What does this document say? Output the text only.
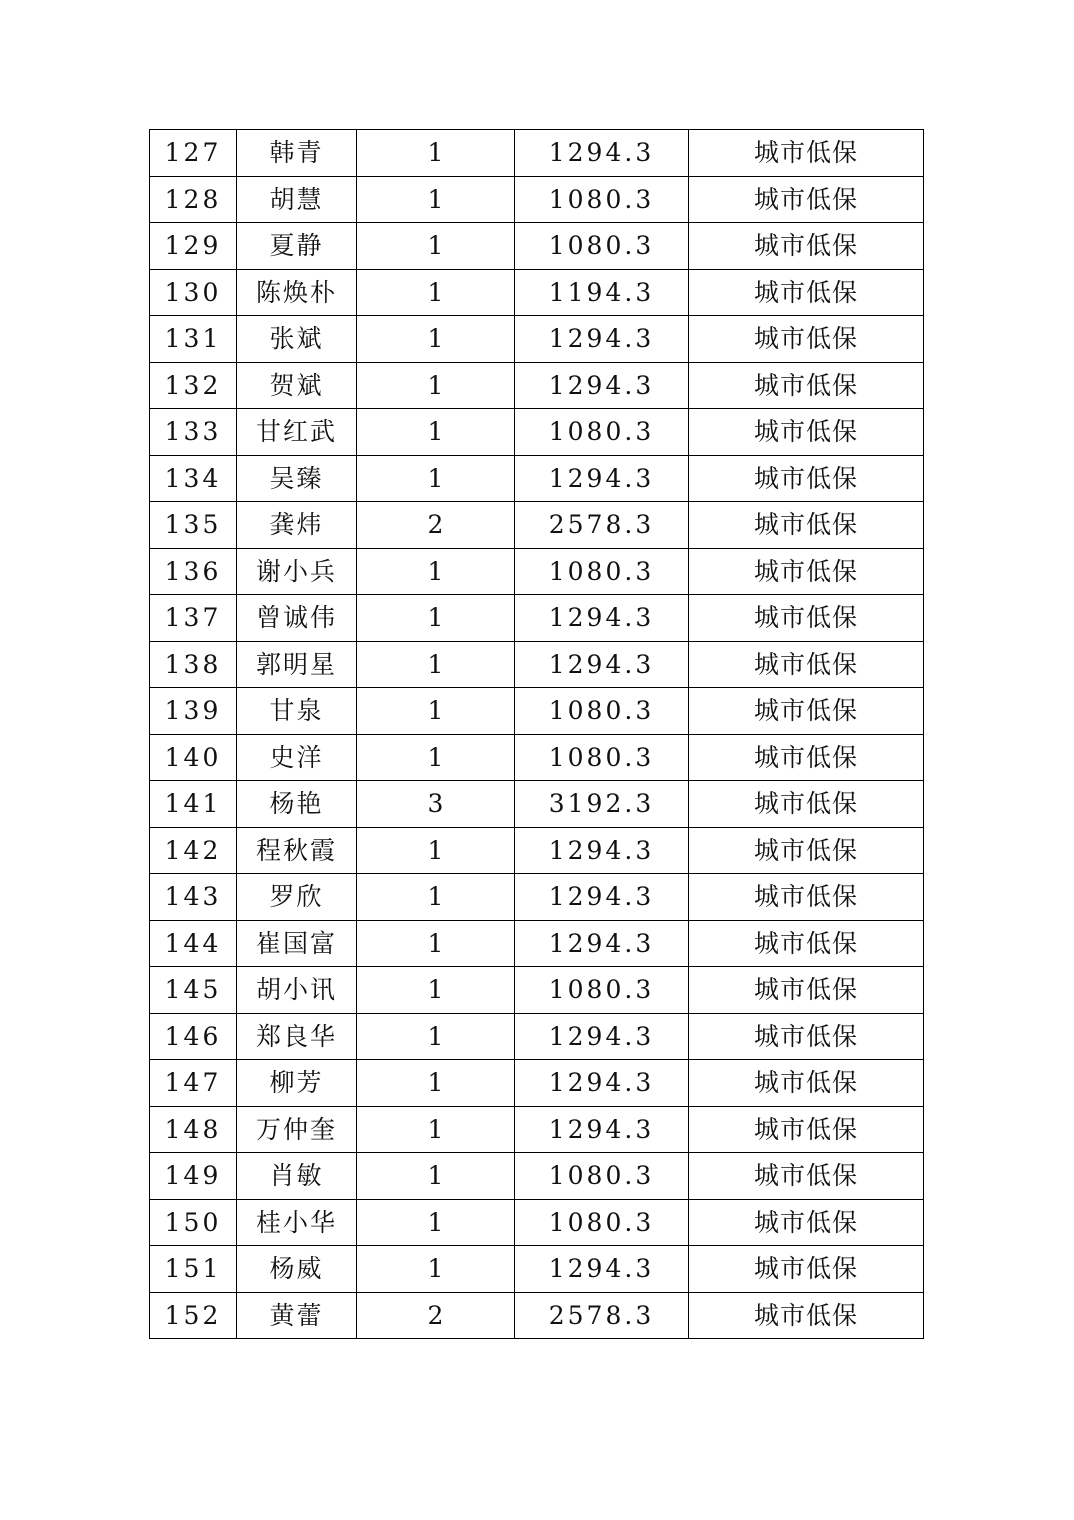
127	韩青	1	1294.3	城市低保
128	胡慧	1	1080.3	城市低保
129	夏静	1	1080.3	城市低保
130	陈焕朴	1	1194.3	城市低保
131	张斌	1	1294.3	城市低保
132	贺斌	1	1294.3	城市低保
133	甘红武	1	1080.3	城市低保
134	吴臻	1	1294.3	城市低保
135	龚炜	2	2578.3	城市低保
136	谢小兵	1	1080.3	城市低保
137	曾诚伟	1	1294.3	城市低保
138	郭明星	1	1294.3	城市低保
139	甘泉	1	1080.3	城市低保
140	史洋	1	1080.3	城市低保
141	杨艳	3	3192.3	城市低保
142	程秋霞	1	1294.3	城市低保
143	罗欣	1	1294.3	城市低保
144	崔国富	1	1294.3	城市低保
145	胡小讯	1	1080.3	城市低保
146	郑良华	1	1294.3	城市低保
147	柳芳	1	1294.3	城市低保
148	万仲奎	1	1294.3	城市低保
149	肖敏	1	1080.3	城市低保
150	桂小华	1	1080.3	城市低保
151	杨威	1	1294.3	城市低保
152	黄蕾	2	2578.3	城市低保
